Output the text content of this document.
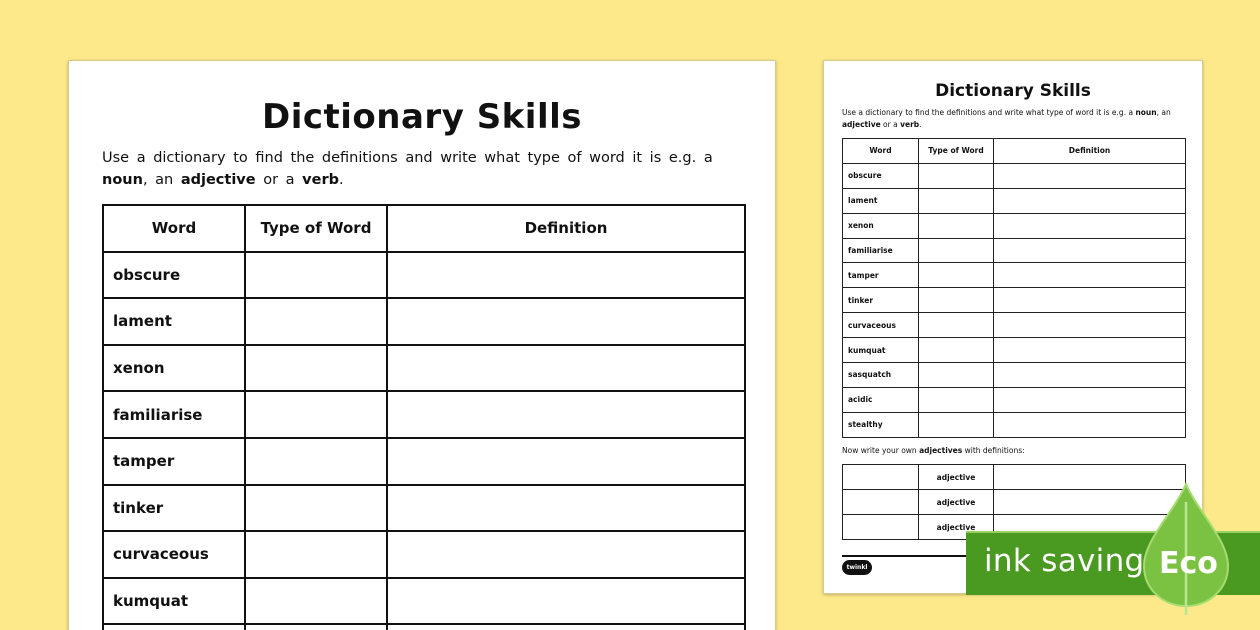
Dictionary Skills
Use a dictionary to find the definitions and write what type of word it is e.g. a noun, an adjective or a verb.
Word	Type of Word	Definition
obscure		
lament		
xenon		
familiarise		
tamper		
tinker		
curvaceous		
kumquat		

Dictionary Skills
Use a dictionary to find the definitions and write what type of word it is e.g. a noun, an adjective or a verb.
Word	Type of Word	Definition
obscure		
lament		
xenon		
familiarise		
tamper		
tinker		
curvaceous		
kumquat		
sasquatch		
acidic		
stealthy		
Now write your own adjectives with definitions:
	adjective	
	adjective	
	adjective	
twinkl	ink saving Eco
